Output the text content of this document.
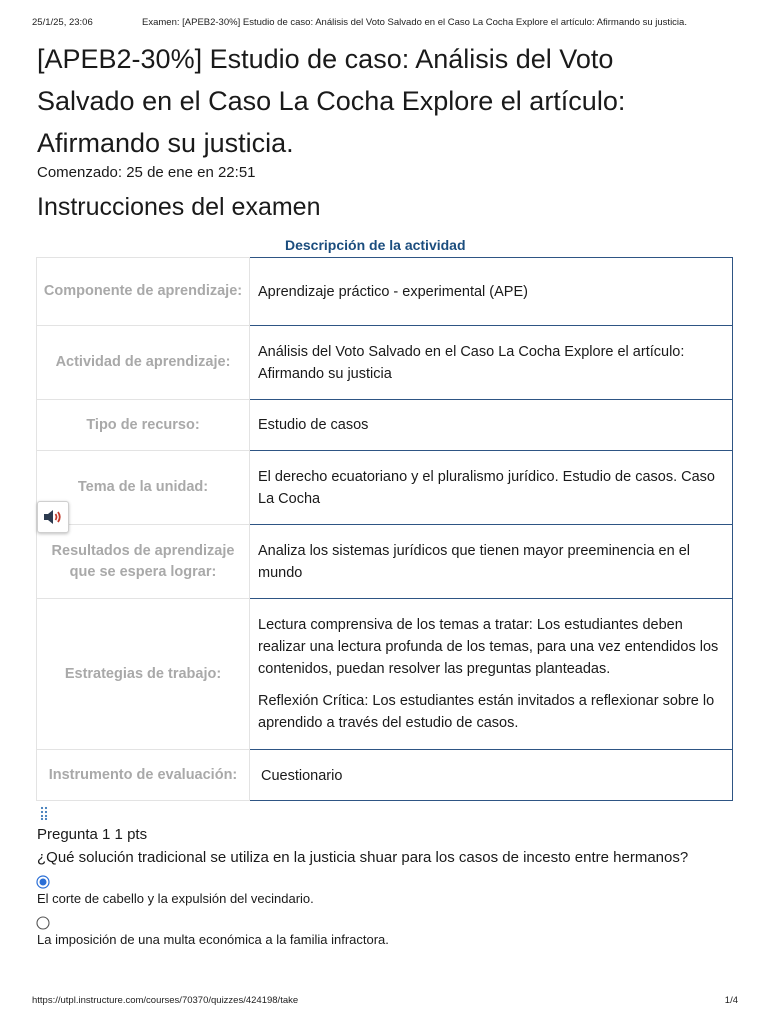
25/1/25, 23:06	Examen: [APEB2-30%] Estudio de caso: Análisis del Voto Salvado en el Caso La Cocha Explore el artículo: Afirmando su justicia.
[APEB2-30%] Estudio de caso: Análisis del Voto Salvado en el Caso La Cocha Explore el artículo: Afirmando su justicia.
Comenzado: 25 de ene en 22:51
Instrucciones del examen
Descripción de la actividad
Componente de aprendizaje:	Aprendizaje práctico - experimental (APE)
Actividad de aprendizaje:	Análisis del Voto Salvado en el Caso La Cocha Explore el artículo: Afirmando su justicia
Tipo de recurso:	Estudio de casos
Tema de la unidad:	El derecho ecuatoriano y el pluralismo jurídico. Estudio de casos. Caso La Cocha
Resultados de aprendizaje que se espera lograr:	Analiza los sistemas jurídicos que tienen mayor preeminencia en el mundo
Estrategias de trabajo:	Lectura comprensiva de los temas a tratar: Los estudiantes deben realizar una lectura profunda de los temas, para una vez entendidos los contenidos, puedan resolver las preguntas planteadas.

Reflexión Crítica: Los estudiantes están invitados a reflexionar sobre lo aprendido a través del estudio de casos.

Instrumento de evaluación:	Cuestionario
Pregunta 1 1 pts
¿Qué solución tradicional se utiliza en la justicia shuar para los casos de incesto entre hermanos?
El corte de cabello y la expulsión del vecindario.
La imposición de una multa económica a la familia infractora.
https://utpl.instructure.com/courses/70370/quizzes/424198/take	1/4
